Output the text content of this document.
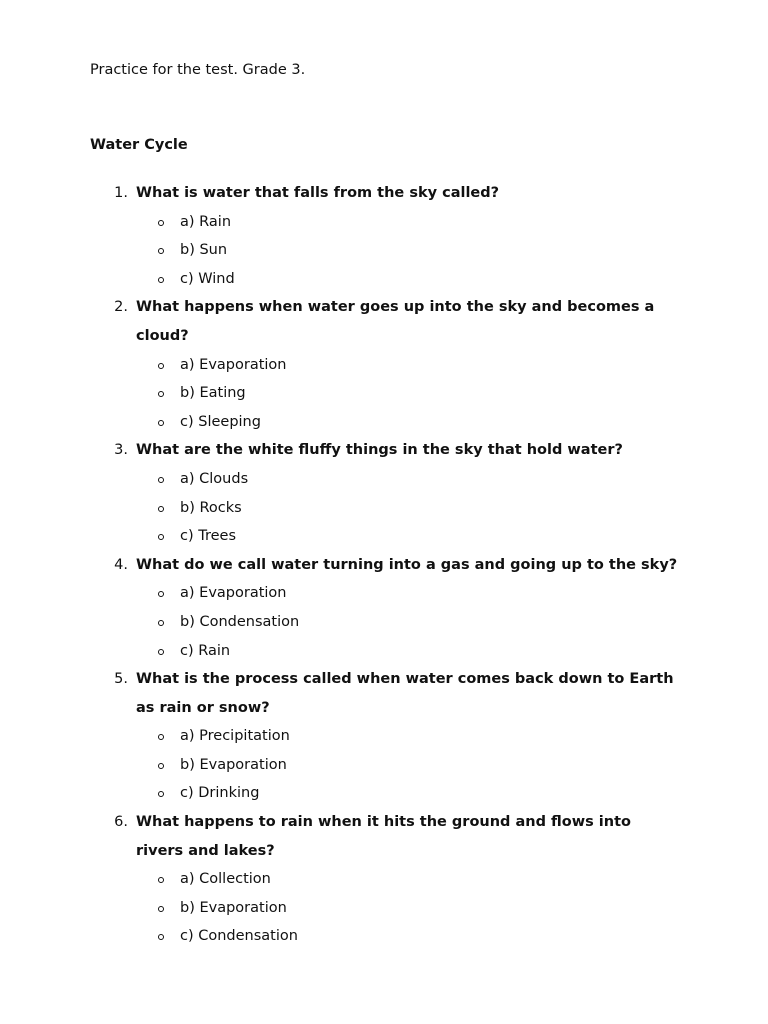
Practice for the test. Grade 3.
Water Cycle
1. What is water that falls from the sky called?
a) Rain
b) Sun
c) Wind
2. What happens when water goes up into the sky and becomes a cloud?
a) Evaporation
b) Eating
c) Sleeping
3. What are the white fluffy things in the sky that hold water?
a) Clouds
b) Rocks
c) Trees
4. What do we call water turning into a gas and going up to the sky?
a) Evaporation
b) Condensation
c) Rain
5. What is the process called when water comes back down to Earth as rain or snow?
a) Precipitation
b) Evaporation
c) Drinking
6. What happens to rain when it hits the ground and flows into rivers and lakes?
a) Collection
b) Evaporation
c) Condensation
